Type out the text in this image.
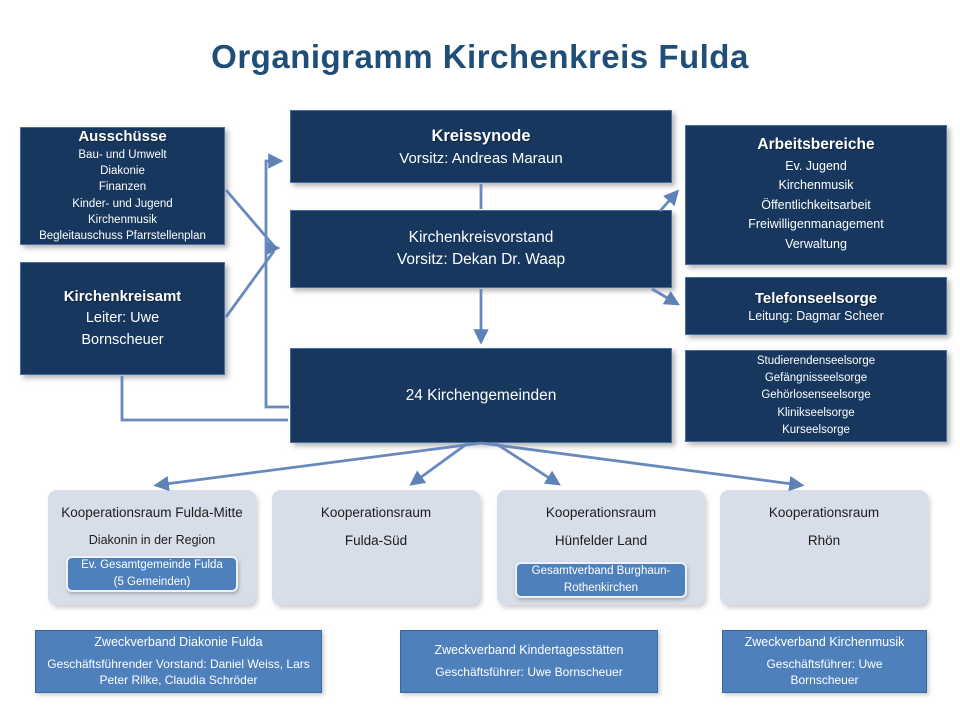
Organigramm Kirchenkreis Fulda
Ausschüsse
Bau- und Umwelt
Diakonie
Finanzen
Kinder- und Jugend
Kirchenmusik
Begleitauschuss Pfarrstellenplan
Kreissynode
Vorsitz: Andreas Maraun
Arbeitsbereiche
Ev. Jugend
Kirchenmusik
Öffentlichkeitsarbeit
Freiwilligenmanagement
Verwaltung
Kirchenkreisvorstand
Vorsitz: Dekan Dr. Waap
Kirchenkreisamt
Leiter: Uwe
Bornscheuer
Telefonseelsorge
Leitung: Dagmar Scheer
Studierendenseelsorge
Gefängnisseelsorge
Gehörlosenseelsorge
Klinikseelsorge
Kurseelsorge
24 Kirchengemeinden
Kooperationsraum Fulda-Mitte
Diakonin in der Region
Ev. Gesamtgemeinde Fulda
(5 Gemeinden)
Kooperationsraum
Fulda-Süd
Kooperationsraum
Hünfelder Land
Gesamtverband Burghaun-Rothenkirchen
Kooperationsraum
Rhön
Zweckverband Diakonie Fulda
Geschäftsführender Vorstand: Daniel Weiss, Lars Peter Rilke, Claudia Schröder
Zweckverband Kindertagesstätten
Geschäftsführer: Uwe Bornscheuer
Zweckverband Kirchenmusik
Geschäftsführer: Uwe Bornscheuer
